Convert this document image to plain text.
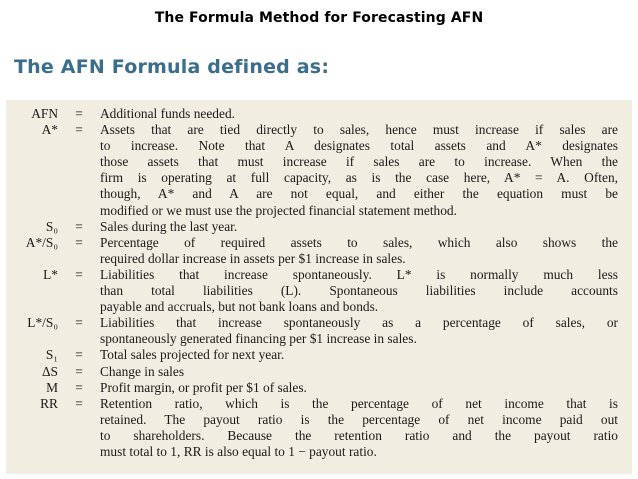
The Formula Method for Forecasting AFN
The AFN Formula defined as:
AFN	=	Additional funds needed.
A*	=	Assets that are tied directly to sales, hence must increase if sales are
to increase. Note that A designates total assets and A* designates
those assets that must increase if sales are to increase. When the
firm is operating at full capacity, as is the case here, A* = A. Often,
though, A* and A are not equal, and either the equation must be
modified or we must use the projected financial statement method.
S₀	=	Sales during the last year.
A*/S₀	=	Percentage of required assets to sales, which also shows the
required dollar increase in assets per $1 increase in sales.
L*	=	Liabilities that increase spontaneously. L* is normally much less
than total liabilities (L). Spontaneous liabilities include accounts
payable and accruals, but not bank loans and bonds.
L*/S₀	=	Liabilities that increase spontaneously as a percentage of sales, or
spontaneously generated financing per $1 increase in sales.
S₁	=	Total sales projected for next year.
ΔS	=	Change in sales
M	=	Profit margin, or profit per $1 of sales.
RR	=	Retention ratio, which is the percentage of net income that is
retained. The payout ratio is the percentage of net income paid out
to shareholders. Because the retention ratio and the payout ratio
must total to 1, RR is also equal to 1 − payout ratio.
